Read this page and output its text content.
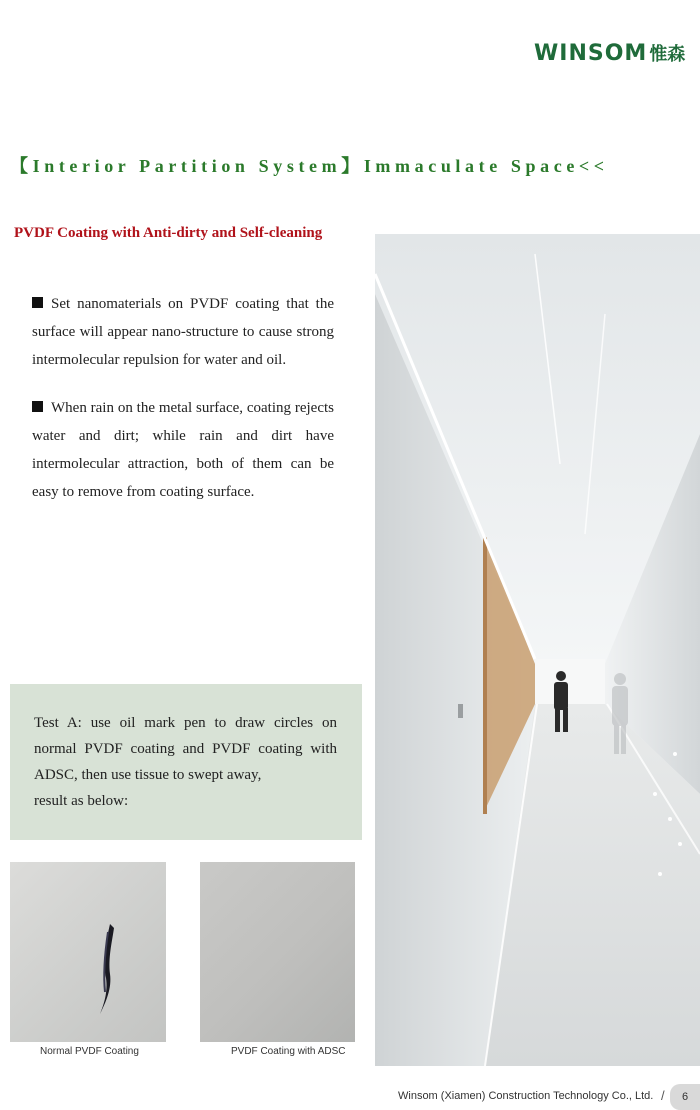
WINSOM 惟森
【Interior Partition System】Immaculate Space<<
PVDF Coating with Anti-dirty and Self-cleaning
Set nanomaterials on PVDF coating that the surface will appear nano-structure to cause strong intermolecular repulsion for water and oil.
When rain on the metal surface, coating rejects water and dirt; while rain and dirt have intermolecular attraction, both of them can be easy to remove from coating surface.
Test A: use oil mark pen to draw circles on normal PVDF coating and PVDF coating with ADSC, then use tissue to swept away,
result as below:
Normal PVDF Coating	PVDF Coating with ADSC
Winsom (Xiamen) Construction Technology Co., Ltd. /	6
